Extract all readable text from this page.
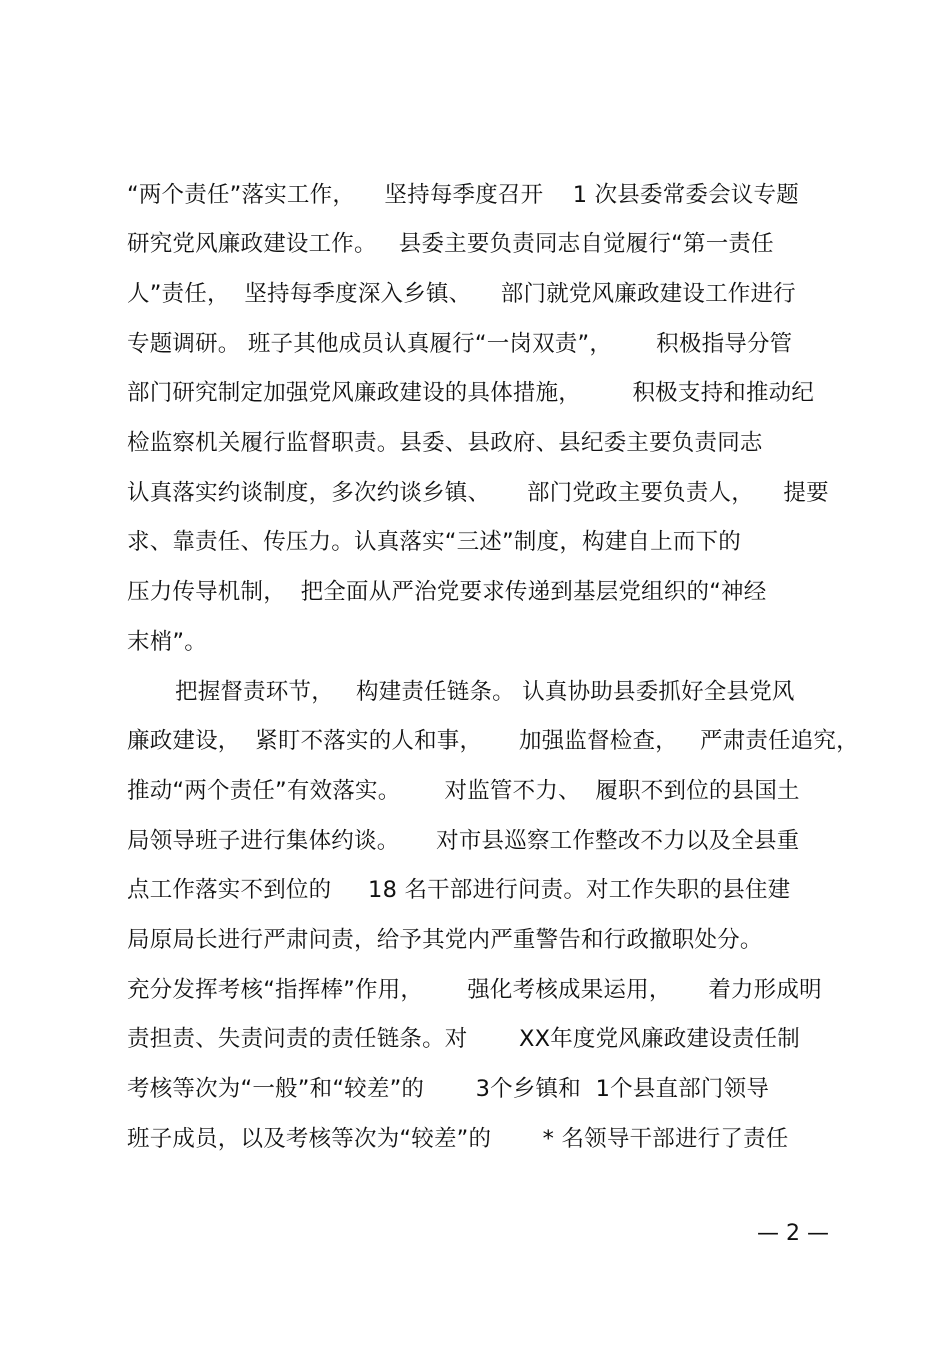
“两个责任”落实工作，    坚持每季度召开    1 次县委常委会议专题
研究党风廉政建设工作。   县委主要负责同志自觉履行“第一责任
人”责任，  坚持每季度深入乡镇、    部门就党风廉政建设工作进行
专题调研。 班子其他成员认真履行“一岗双责”，      积极指导分管
部门研究制定加强党风廉政建设的具体措施，       积极支持和推动纪
检监察机关履行监督职责。县委、县政府、县纪委主要负责同志
认真落实约谈制度，多次约谈乡镇、     部门党政主要负责人，    提要
求、靠责任、传压力。认真落实“三述”制度，构建自上而下的
压力传导机制，  把全面从严治党要求传递到基层党组织的“神经
末梢”。
把握督责环节，   构建责任链条。 认真协助县委抓好全县党风
廉政建设，  紧盯不落实的人和事，     加强监督检查，   严肃责任追究，
推动“两个责任”有效落实。      对监管不力、  履职不到位的县国土
局领导班子进行集体约谈。     对市县巡察工作整改不力以及全县重
点工作落实不到位的     18 名干部进行问责。对工作失职的县住建
局原局长进行严肃问责，给予其党内严重警告和行政撤职处分。
充分发挥考核“指挥棒”作用，      强化考核成果运用，     着力形成明
责担责、失责问责的责任链条。对       XX年度党风廉政建设责任制
考核等次为“一般”和“较差”的       3个乡镇和  1个县直部门领导
班子成员，以及考核等次为“较差”的       * 名领导干部进行了责任
— 2 —
